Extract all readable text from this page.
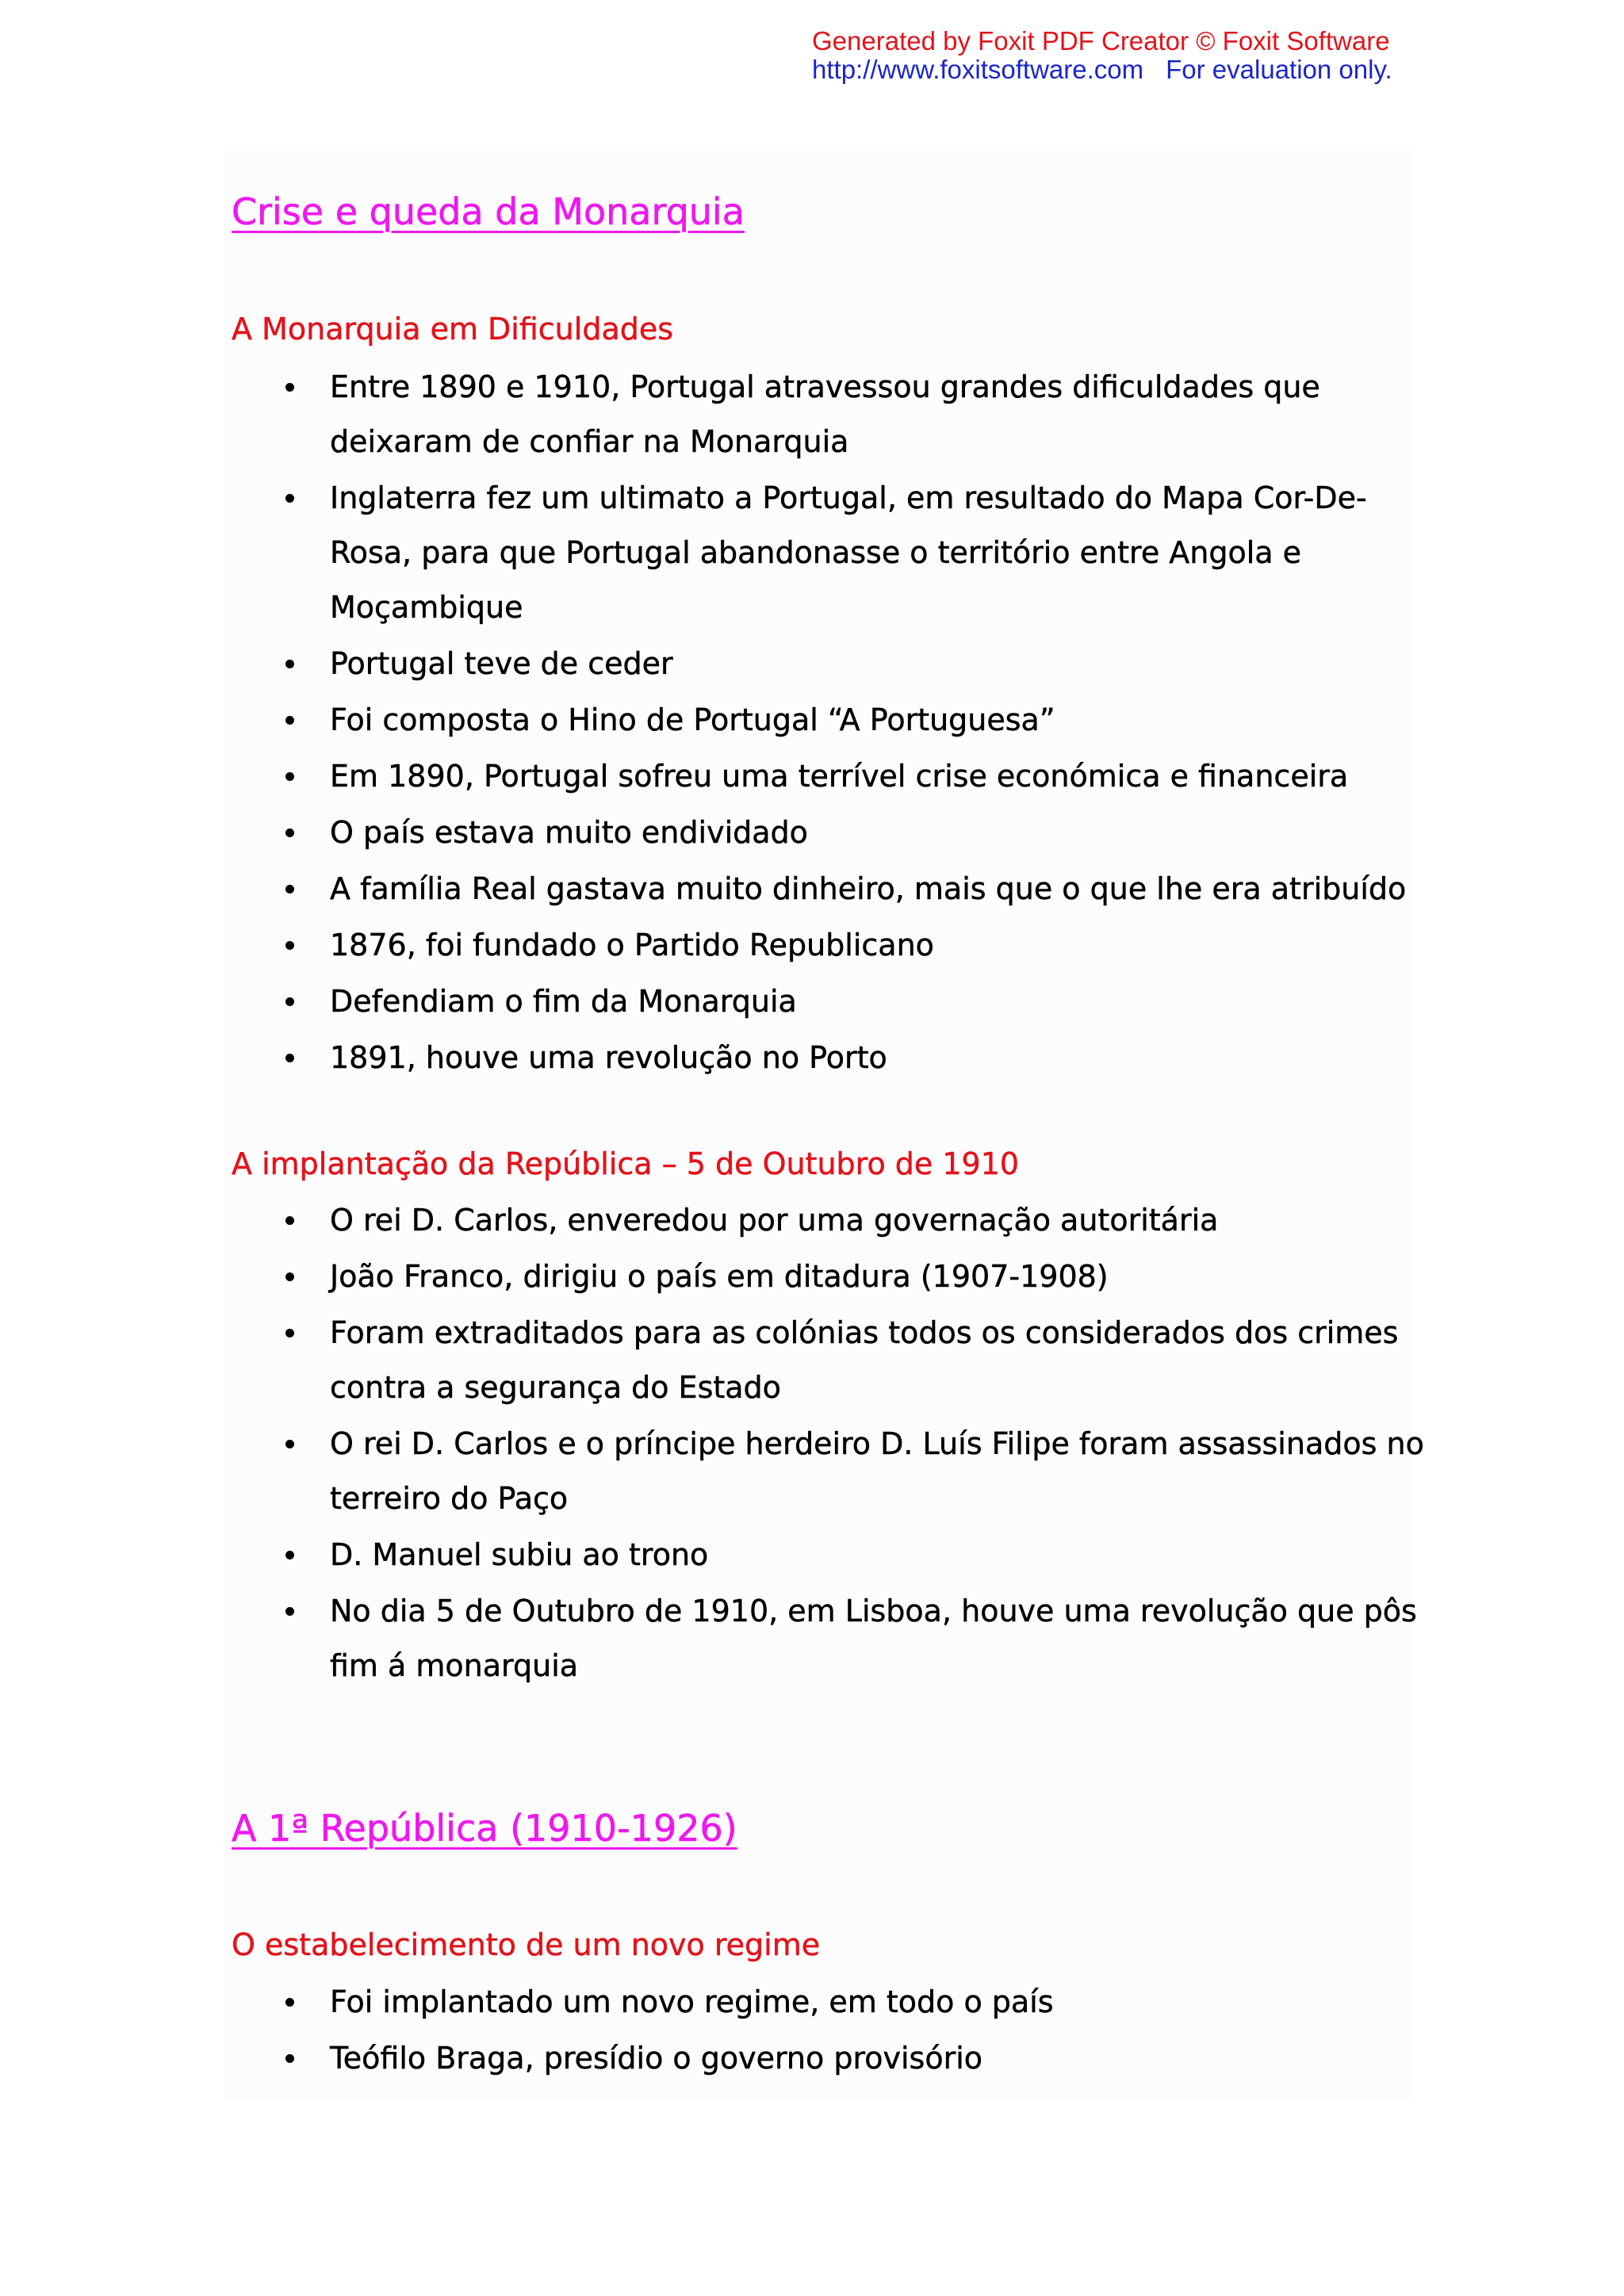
Generated by Foxit PDF Creator © Foxit Software
http://www.foxitsoftware.com For evaluation only.
Crise e queda da Monarquia
A Monarquia em Dificuldades
Entre 1890 e 1910, Portugal atravessou grandes dificuldades que deixaram de confiar na Monarquia
Inglaterra fez um ultimato a Portugal, em resultado do Mapa Cor-De-Rosa, para que Portugal abandonasse o território entre Angola e Moçambique
Portugal teve de ceder
Foi composta o Hino de Portugal “A Portuguesa”
Em 1890, Portugal sofreu uma terrível crise económica e financeira
O país estava muito endividado
A família Real gastava muito dinheiro, mais que o que lhe era atribuído
1876, foi fundado o Partido Republicano
Defendiam o fim da Monarquia
1891, houve uma revolução no Porto
A implantação da República – 5 de Outubro de 1910
O rei D. Carlos, enveredou por uma governação autoritária
João Franco, dirigiu o país em ditadura (1907-1908)
Foram extraditados para as colónias todos os considerados dos crimes contra a segurança do Estado
O rei D. Carlos e o príncipe herdeiro D. Luís Filipe foram assassinados no terreiro do Paço
D. Manuel subiu ao trono
No dia 5 de Outubro de 1910, em Lisboa, houve uma revolução que pôs fim á monarquia
A 1ª República (1910-1926)
O estabelecimento de um novo regime
Foi implantado um novo regime, em todo o país
Teófilo Braga, presídio o governo provisório
